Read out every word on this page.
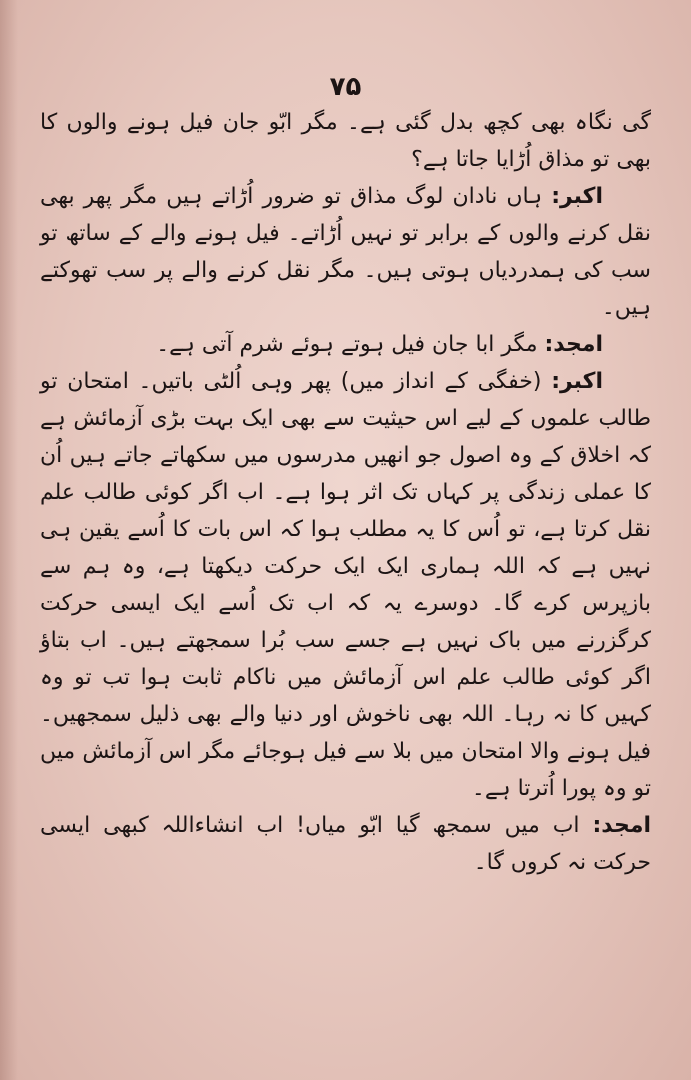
۷۵

گی نگاہ بھی کچھ بدل گئی ہے۔ مگر ابّو جان فیل ہونے والوں کا بھی تو مذاق اُڑایا جاتا ہے؟

اکبر: ہاں نادان لوگ مذاق تو ضرور اُڑاتے ہیں مگر پھر بھی نقل کرنے والوں کے برابر تو نہیں اُڑاتے۔ فیل ہونے والے کے ساتھ تو سب کی ہمدردیاں ہوتی ہیں۔ مگر نقل کرنے والے پر سب تھوکتے ہیں۔

امجد: مگر ابا جان فیل ہوتے ہوئے شرم آتی ہے۔

اکبر: (خفگی کے انداز میں) پھر وہی اُلٹی باتیں۔ امتحان تو طالب علموں کے لیے اس حیثیت سے بھی ایک بہت بڑی آزمائش ہے کہ اخلاق کے وہ اصول جو انھیں مدرسوں میں سکھاتے جاتے ہیں اُن کا عملی زندگی پر کہاں تک اثر ہوا ہے۔ اب اگر کوئی طالب علم نقل کرتا ہے، تو اُس کا یہ مطلب ہوا کہ اس بات کا اُسے یقین ہی نہیں ہے کہ اللہ ہماری ایک ایک حرکت دیکھتا ہے، وہ ہم سے بازپرس کرے گا۔ دوسرے یہ کہ اب تک اُسے ایک ایسی حرکت کرگزرنے میں باک نہیں ہے جسے سب بُرا سمجھتے ہیں۔ اب بتاؤ اگر کوئی طالب علم اس آزمائش میں ناکام ثابت ہوا تب تو وہ کہیں کا نہ رہا۔ اللہ بھی ناخوش اور دنیا والے بھی ذلیل سمجھیں۔ فیل ہونے والا امتحان میں بلا سے فیل ہوجائے مگر اس آزمائش میں تو وہ پورا اُترتا ہے۔

امجد: اب میں سمجھ گیا ابّو میاں! اب انشاءاللہ کبھی ایسی حرکت نہ کروں گا۔
